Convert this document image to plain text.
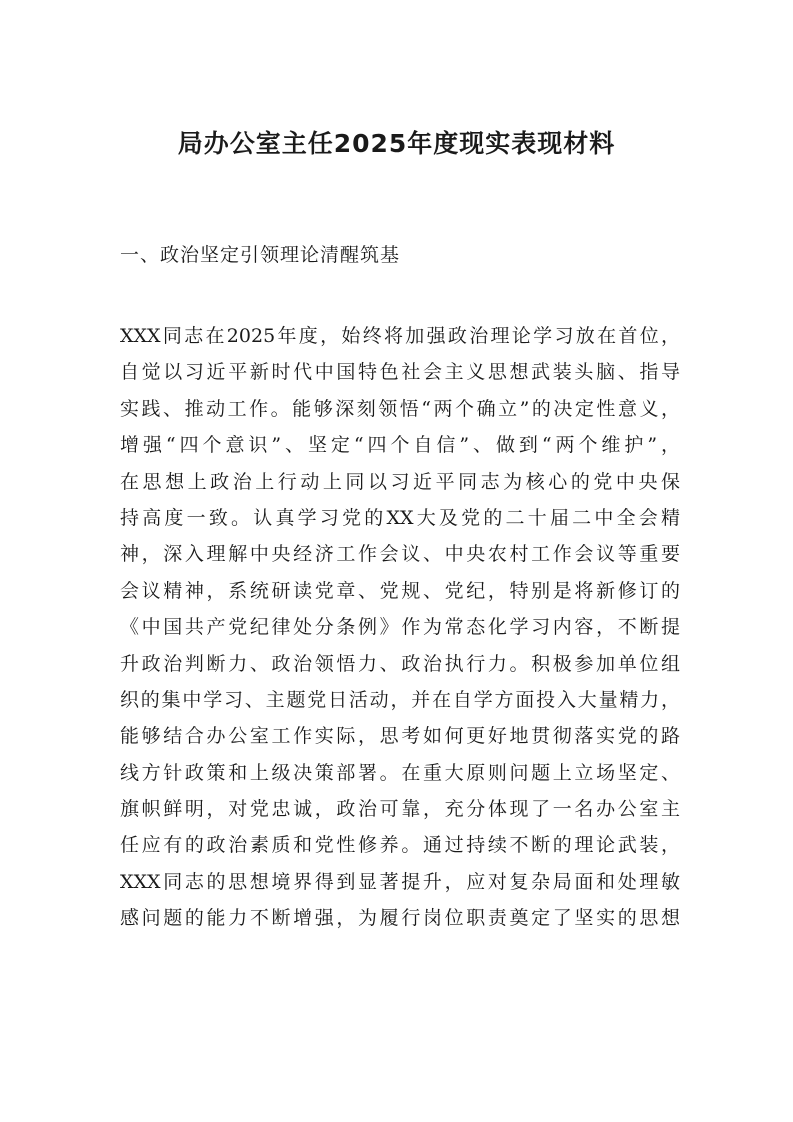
局办公室主任2025年度现实表现材料

一、政治坚定引领理论清醒筑基

XXX同志在2025年度，始终将加强政治理论学习放在首位，
自觉以习近平新时代中国特色社会主义思想武装头脑、指导
实践、推动工作。能够深刻领悟“两个确立”的决定性意义，
增强“四个意识”、坚定“四个自信”、做到“两个维护”，
在思想上政治上行动上同以习近平同志为核心的党中央保
持高度一致。认真学习党的XX大及党的二十届二中全会精
神，深入理解中央经济工作会议、中央农村工作会议等重要
会议精神，系统研读党章、党规、党纪，特别是将新修订的
《中国共产党纪律处分条例》作为常态化学习内容，不断提
升政治判断力、政治领悟力、政治执行力。积极参加单位组
织的集中学习、主题党日活动，并在自学方面投入大量精力，
能够结合办公室工作实际，思考如何更好地贯彻落实党的路
线方针政策和上级决策部署。在重大原则问题上立场坚定、
旗帜鲜明，对党忠诚，政治可靠，充分体现了一名办公室主
任应有的政治素质和党性修养。通过持续不断的理论武装，
XXX同志的思想境界得到显著提升，应对复杂局面和处理敏
感问题的能力不断增强，为履行岗位职责奠定了坚实的思想
